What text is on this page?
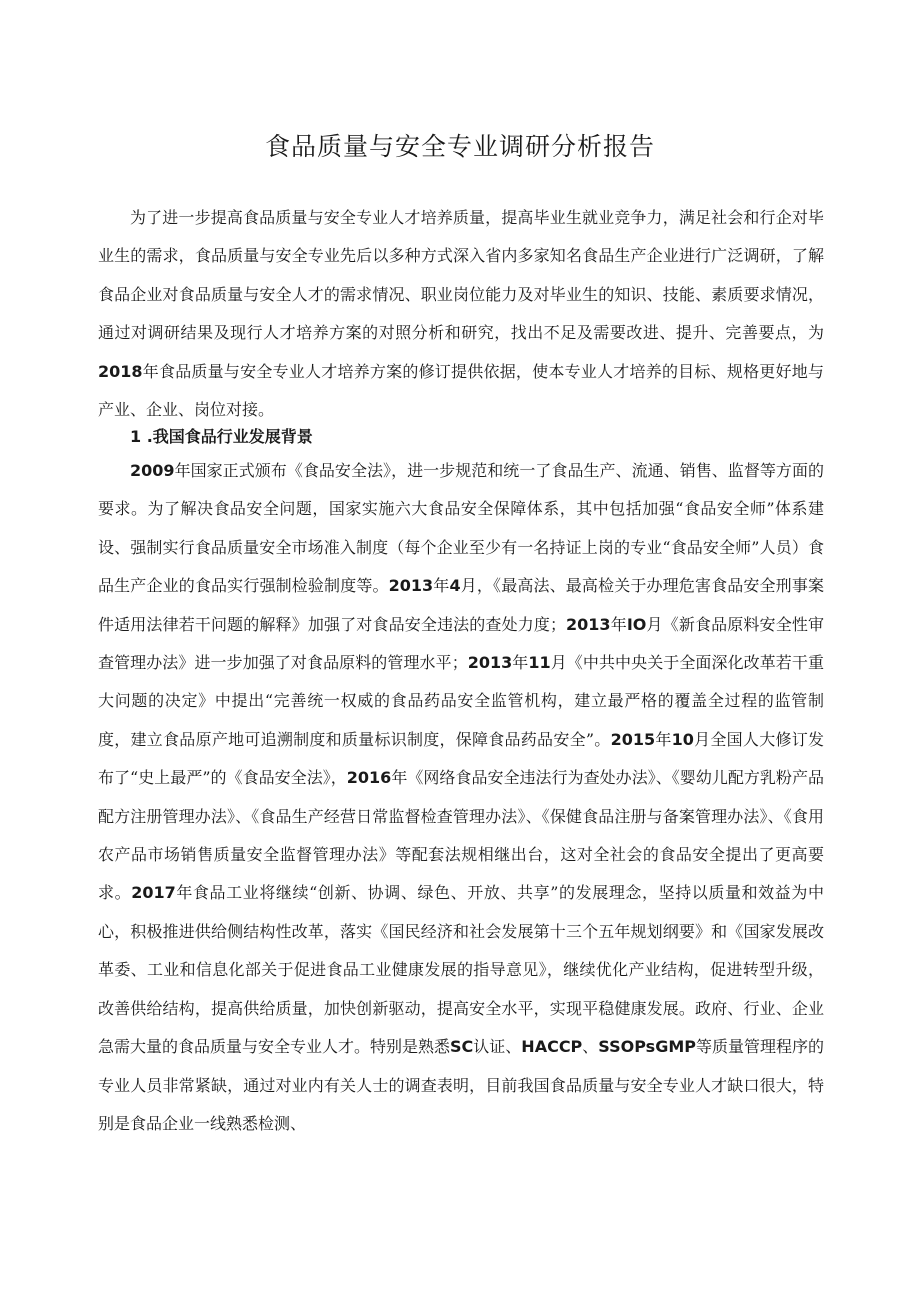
食品质量与安全专业调研分析报告

为了进一步提高食品质量与安全专业人才培养质量，提高毕业生就业竞争力，满足社会和行企对毕业生的需求，食品质量与安全专业先后以多种方式深入省内多家知名食品生产企业进行广泛调研，了解食品企业对食品质量与安全人才的需求情况、职业岗位能力及对毕业生的知识、技能、素质要求情况，通过对调研结果及现行人才培养方案的对照分析和研究，找出不足及需要改进、提升、完善要点，为2018年食品质量与安全专业人才培养方案的修订提供依据，使本专业人才培养的目标、规格更好地与产业、企业、岗位对接。

1 .我国食品行业发展背景

2009年国家正式颁布《食品安全法》，进一步规范和统一了食品生产、流通、销售、监督等方面的要求。为了解决食品安全问题，国家实施六大食品安全保障体系，其中包括加强“食品安全师”体系建设、强制实行食品质量安全市场准入制度（每个企业至少有一名持证上岗的专业“食品安全师”人员）食品生产企业的食品实行强制检验制度等。2013年4月，《最高法、最高检关于办理危害食品安全刑事案件适用法律若干问题的解释》加强了对食品安全违法的查处力度；2013年IO月《新食品原料安全性审查管理办法》进一步加强了对食品原料的管理水平；2013年11月《中共中央关于全面深化改革若干重大问题的决定》中提出“完善统一权威的食品药品安全监管机构，建立最严格的覆盖全过程的监管制度，建立食品原产地可追溯制度和质量标识制度，保障食品药品安全”。2015年10月全国人大修订发布了“史上最严”的《食品安全法》，2016年《网络食品安全违法行为查处办法》、《婴幼儿配方乳粉产品配方注册管理办法》、《食品生产经营日常监督检查管理办法》、《保健食品注册与备案管理办法》、《食用农产品市场销售质量安全监督管理办法》等配套法规相继出台，这对全社会的食品安全提出了更高要求。2017年食品工业将继续“创新、协调、绿色、开放、共享”的发展理念，坚持以质量和效益为中心，积极推进供给侧结构性改革，落实《国民经济和社会发展第十三个五年规划纲要》和《国家发展改革委、工业和信息化部关于促进食品工业健康发展的指导意见》，继续优化产业结构，促进转型升级，改善供给结构，提高供给质量，加快创新驱动，提高安全水平，实现平稳健康发展。政府、行业、企业急需大量的食品质量与安全专业人才。特别是熟悉SC认证、HACCP、SSOPsGMP等质量管理程序的专业人员非常紧缺，通过对业内有关人士的调查表明，目前我国食品质量与安全专业人才缺口很大，特别是食品企业一线熟悉检测、
